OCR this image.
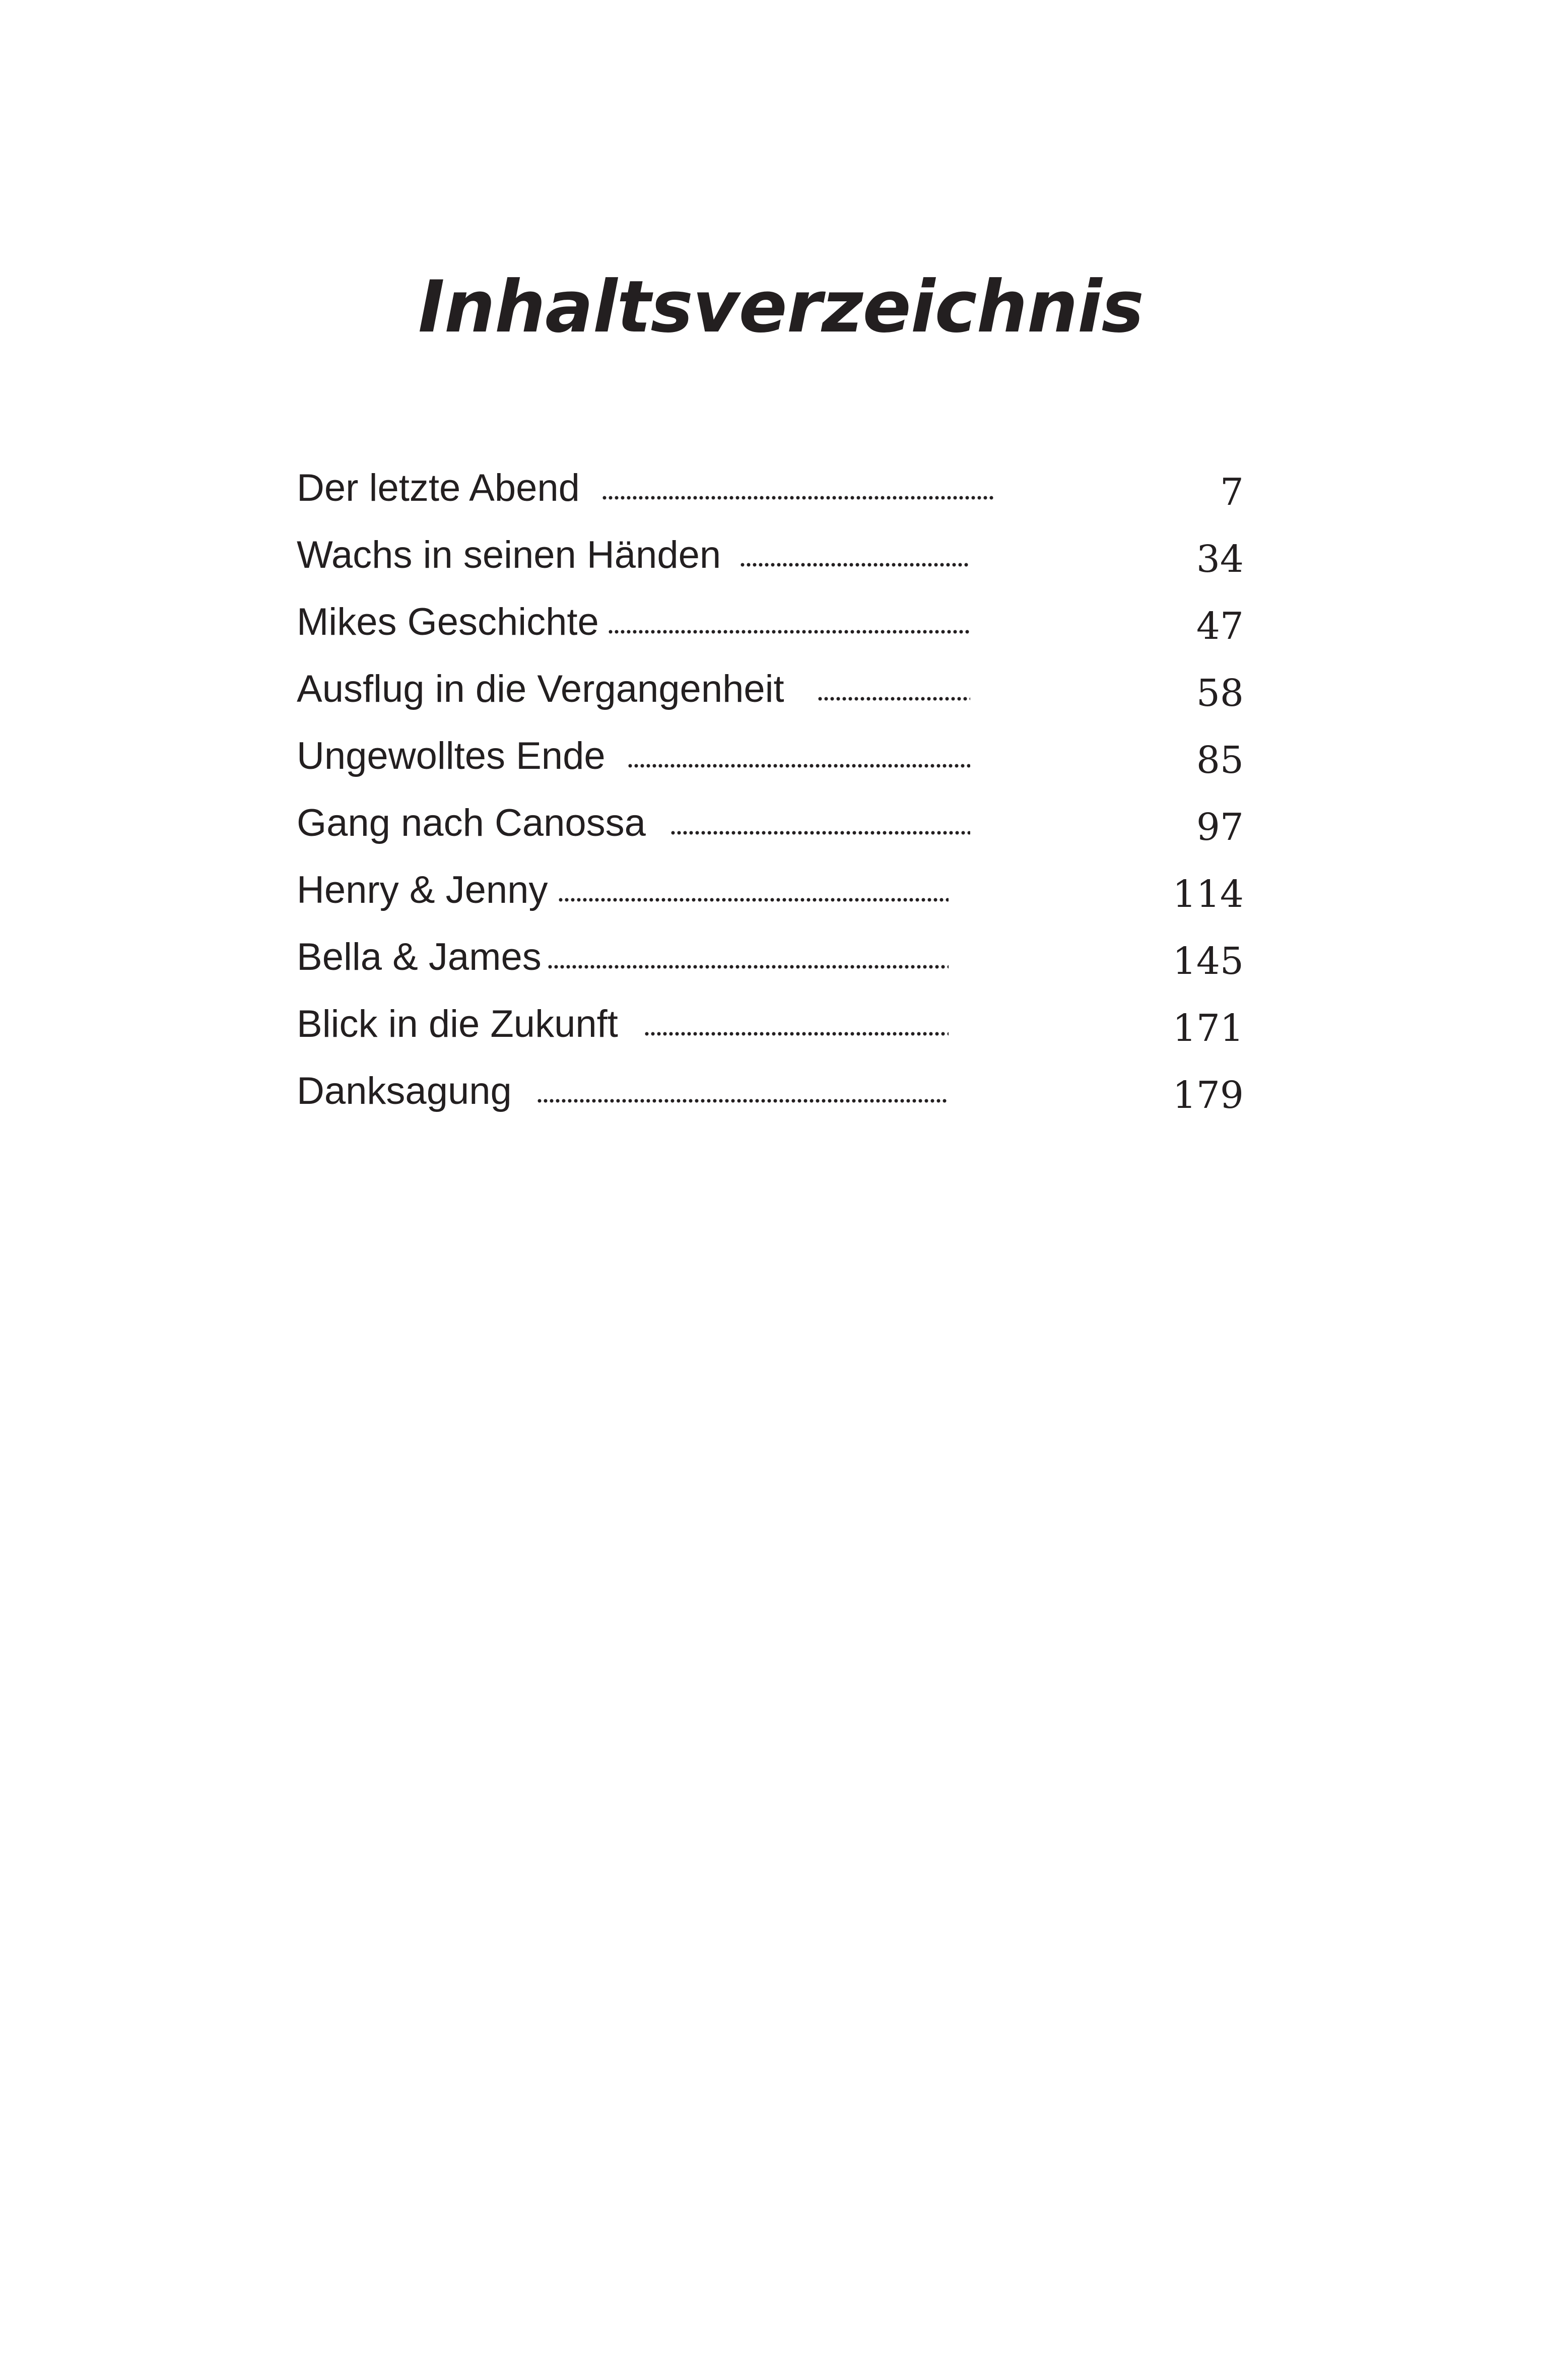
Inhaltsverzeichnis
Der letzte Abend	7
Wachs in seinen Händen	34
Mikes Geschichte	47
Ausflug in die Vergangenheit	58
Ungewolltes Ende	85
Gang nach Canossa	97
Henry & Jenny	114
Bella & James	145
Blick in die Zukunft	171
Danksagung	179
